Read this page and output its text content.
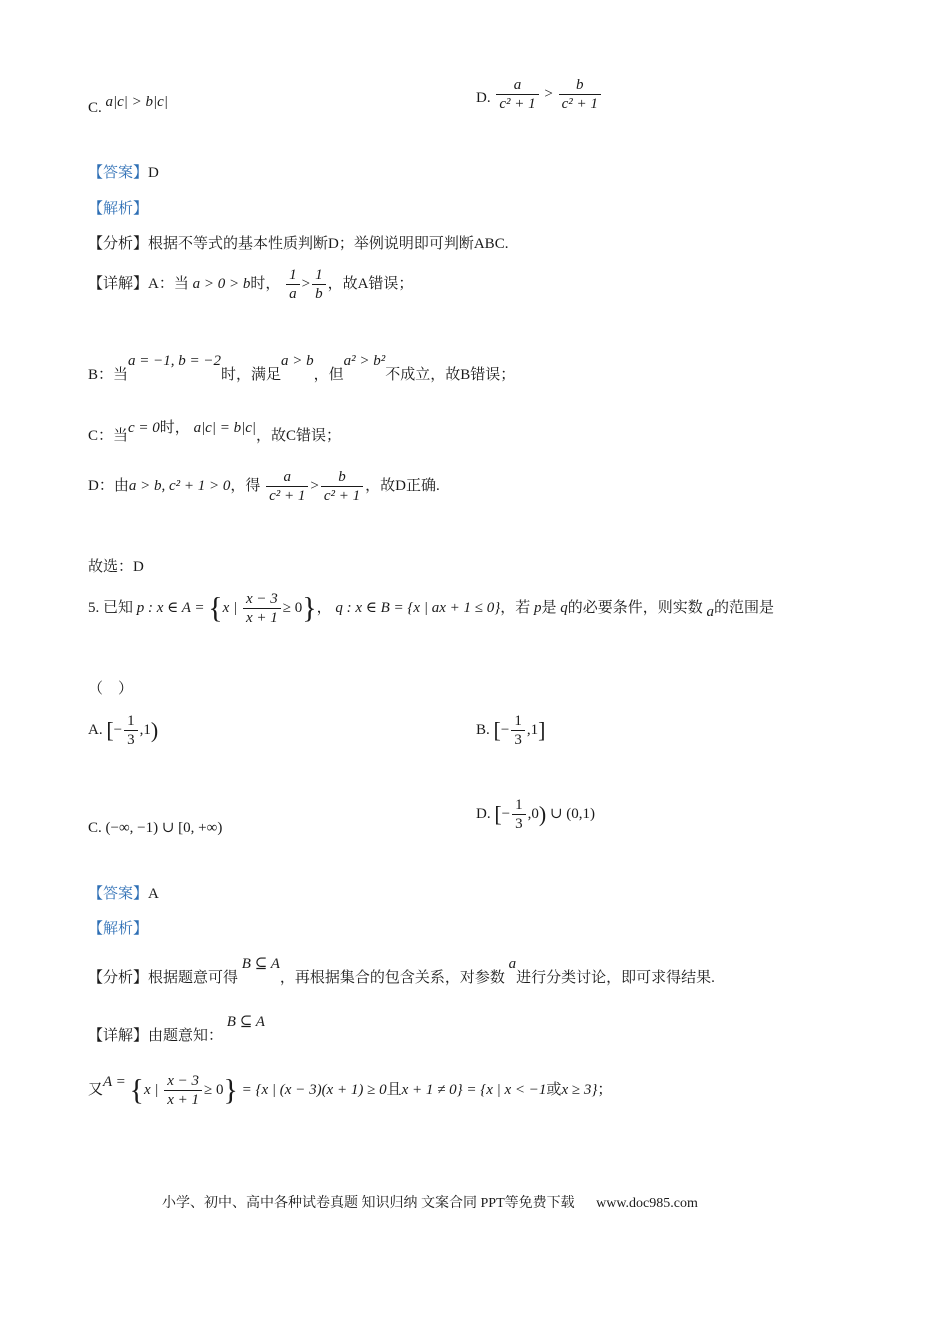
C. a|c| > b|c|	D. $\frac{a}{\text{c² + 1}} > \frac{b}{\text{c² + 1}}$
【答案】D
【解析】
【分析】根据不等式的基本性质判断D；举例说明即可判断ABC.
【详解】A：当 a > 0 > b时， $\frac{1}{a} > \frac{1}{b}$ ，故A错误；
B：当a = −1, b = −2时，满足a > b，但a² > b²不成立，故B错误；
C：当c = 0时， a|c| = b|c|，故C错误；
D：由a > b, c² + 1 > 0，得 $\frac{a}{\text{c² + 1}} > \frac{b}{\text{c² + 1}}$ ，故D正确.
故选：D
5. 已知 p : x ∈ A = {x | $\frac{x - 3}{x + 1} \ge 0$}， q : x ∈ B = {x | ax + 1 ≤ 0}，若 p是 q的必要条件，则实数 a的范围是
（　）
A. [− $\frac{1}{3} ,1$)	B. [− $\frac{1}{3} ,1$]
C. (−∞, −1) ∪ [0, +∞)
D. [− $\frac{1}{3} ,0$) ∪ (0,1)
【答案】A
【解析】
【分析】根据题意可得 B ⊆ A，再根据集合的包含关系，对参数 a进行分类讨论，即可求得结果.
【详解】由题意知： B ⊆ A
又A = {x | $\frac{x - 3}{x + 1} \ge 0\} = \{x$ | (x − 3)(x + 1) ≥ 0且x + 1 ≠ 0} = {x | x < −1或x ≥ 3}；
小学、初中、高中各种试卷真题 知识归纳 文案合同 PPT等免费下载 www.doc985.com
